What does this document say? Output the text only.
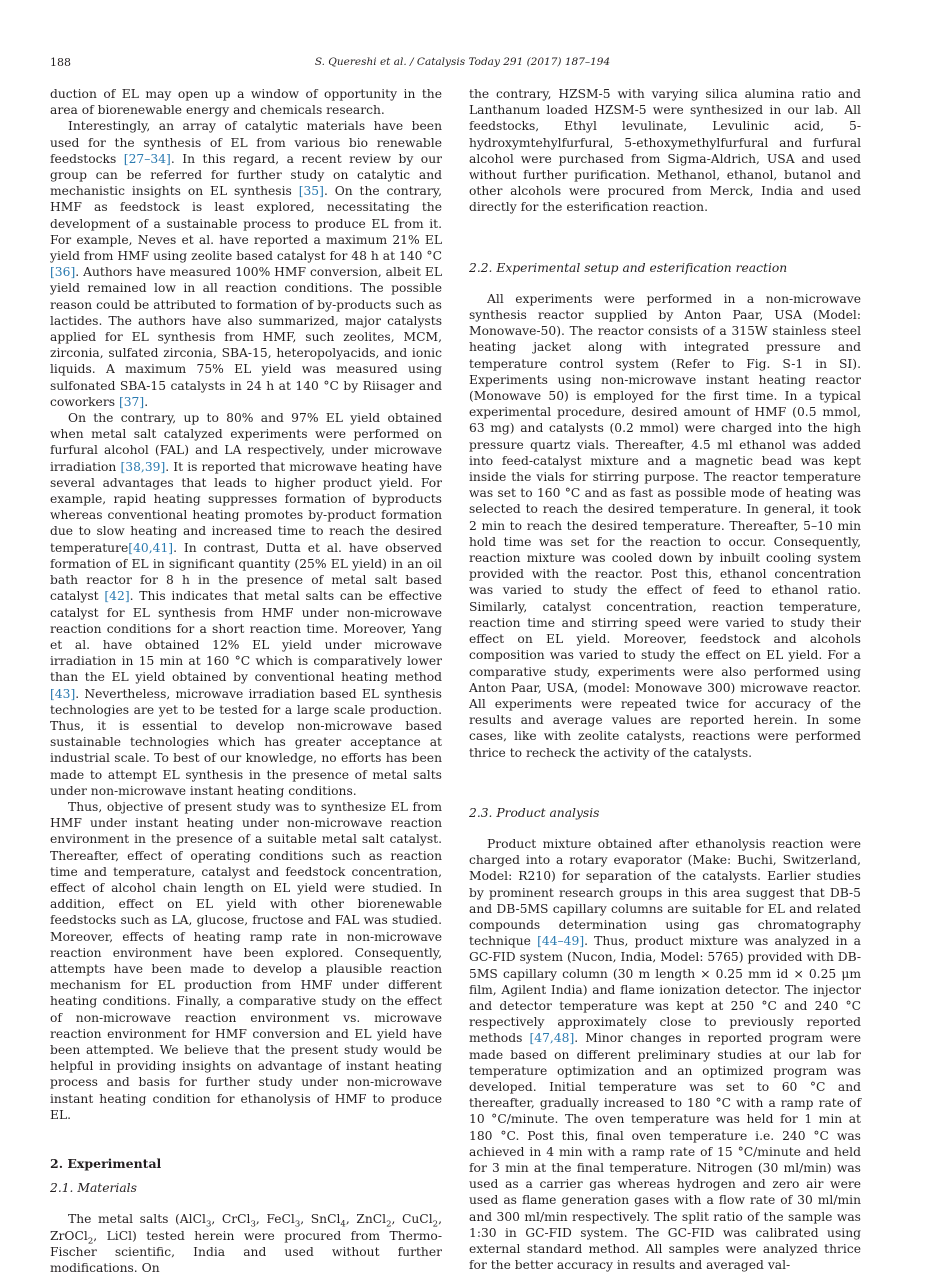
188	S. Quereshi et al. / Catalysis Today 291 (2017) 187–194

duction of EL may open up a window of opportunity in the area of biorenewable energy and chemicals research.

Interestingly, an array of catalytic materials have been used for the synthesis of EL from various bio renewable feedstocks [27–34]. In this regard, a recent review by our group can be referred for further study on catalytic and mechanistic insights on EL synthesis [35]. On the contrary, HMF as feedstock is least explored, necessitating the development of a sustainable process to produce EL from it. For example, Neves et al. have reported a maximum 21% EL yield from HMF using zeolite based catalyst for 48 h at 140 °C [36]. Authors have measured 100% HMF conversion, albeit EL yield remained low in all reaction conditions. The possible reason could be attributed to formation of by-products such as lactides. The authors have also summarized, major catalysts applied for EL synthesis from HMF, such zeolites, MCM, zirconia, sulfated zirconia, SBA-15, heteropolyacids, and ionic liquids. A maximum 75% EL yield was measured using sulfonated SBA-15 catalysts in 24 h at 140 °C by Riisager and coworkers [37].

On the contrary, up to 80% and 97% EL yield obtained when metal salt catalyzed experiments were performed on furfural alcohol (FAL) and LA respectively, under microwave irradiation [38,39]. It is reported that microwave heating have several advantages that leads to higher product yield. For example, rapid heating suppresses formation of byproducts whereas conventional heating promotes by-product formation due to slow heating and increased time to reach the desired temperature[40,41]. In contrast, Dutta et al. have observed formation of EL in significant quantity (25% EL yield) in an oil bath reactor for 8 h in the presence of metal salt based catalyst [42]. This indicates that metal salts can be effective catalyst for EL synthesis from HMF under non-microwave reaction conditions for a short reaction time. Moreover, Yang et al. have obtained 12% EL yield under microwave irradiation in 15 min at 160 °C which is comparatively lower than the EL yield obtained by conventional heating method [43]. Nevertheless, microwave irradiation based EL synthesis technologies are yet to be tested for a large scale production. Thus, it is essential to develop non-microwave based sustainable technologies which has greater acceptance at industrial scale. To best of our knowledge, no efforts has been made to attempt EL synthesis in the presence of metal salts under non-microwave instant heating conditions.

Thus, objective of present study was to synthesize EL from HMF under instant heating under non-microwave reaction environment in the presence of a suitable metal salt catalyst. Thereafter, effect of operating conditions such as reaction time and temperature, catalyst and feedstock concentration, effect of alcohol chain length on EL yield were studied. In addition, effect on EL yield with other biorenewable feedstocks such as LA, glucose, fructose and FAL was studied. Moreover, effects of heating ramp rate in non-microwave reaction environment have been explored. Consequently, attempts have been made to develop a plausible reaction mechanism for EL production from HMF under different heating conditions. Finally, a comparative study on the effect of non-microwave reaction environment vs. microwave reaction environment for HMF conversion and EL yield have been attempted. We believe that the present study would be helpful in providing insights on advantage of instant heating process and basis for further study under non-microwave instant heating condition for ethanolysis of HMF to produce EL.

2. Experimental

2.1. Materials

The metal salts (AlCl$_3$, CrCl$_3$, FeCl$_3$, SnCl$_4$, ZnCl$_2$, CuCl$_2$, ZrOCl$_2$, LiCl) tested herein were procured from Thermo-Fischer scientific, India and used without further modifications. On

the contrary, HZSM-5 with varying silica alumina ratio and Lanthanum loaded HZSM-5 were synthesized in our lab. All feedstocks, Ethyl levulinate, Levulinic acid, 5-hydroxymtehylfurfural, 5-ethoxymethylfurfural and furfural alcohol were purchased from Sigma-Aldrich, USA and used without further purification. Methanol, ethanol, butanol and other alcohols were procured from Merck, India and used directly for the esterification reaction.

2.2. Experimental setup and esterification reaction

All experiments were performed in a non-microwave synthesis reactor supplied by Anton Paar, USA (Model: Monowave-50). The reactor consists of a 315W stainless steel heating jacket along with integrated pressure and temperature control system (Refer to Fig. S-1 in SI). Experiments using non-microwave instant heating reactor (Monowave 50) is employed for the first time. In a typical experimental procedure, desired amount of HMF (0.5 mmol, 63 mg) and catalysts (0.2 mmol) were charged into the high pressure quartz vials. Thereafter, 4.5 ml ethanol was added into feed-catalyst mixture and a magnetic bead was kept inside the vials for stirring purpose. The reactor temperature was set to 160 °C and as fast as possible mode of heating was selected to reach the desired temperature. In general, it took 2 min to reach the desired temperature. Thereafter, 5–10 min hold time was set for the reaction to occur. Consequently, reaction mixture was cooled down by inbuilt cooling system provided with the reactor. Post this, ethanol concentration was varied to study the effect of feed to ethanol ratio. Similarly, catalyst concentration, reaction temperature, reaction time and stirring speed were varied to study their effect on EL yield. Moreover, feedstock and alcohols composition was varied to study the effect on EL yield. For a comparative study, experiments were also performed using Anton Paar, USA, (model: Monowave 300) microwave reactor. All experiments were repeated twice for accuracy of the results and average values are reported herein. In some cases, like with zeolite catalysts, reactions were performed thrice to recheck the activity of the catalysts.

2.3. Product analysis

Product mixture obtained after ethanolysis reaction were charged into a rotary evaporator (Make: Buchi, Switzerland, Model: R210) for separation of the catalysts. Earlier studies by prominent research groups in this area suggest that DB-5 and DB-5MS capillary columns are suitable for EL and related compounds determination using gas chromatography technique [44–49]. Thus, product mixture was analyzed in a GC-FID system (Nucon, India, Model: 5765) provided with DB-5MS capillary column (30 m length × 0.25 mm id × 0.25 μm film, Agilent India) and flame ionization detector. The injector and detector temperature was kept at 250 °C and 240 °C respectively approximately close to previously reported methods [47,48]. Minor changes in reported program were made based on different preliminary studies at our lab for temperature optimization and an optimized program was developed. Initial temperature was set to 60 °C and thereafter, gradually increased to 180 °C with a ramp rate of 10 °C/minute. The oven temperature was held for 1 min at 180 °C. Post this, final oven temperature i.e. 240 °C was achieved in 4 min with a ramp rate of 15 °C/minute and held for 3 min at the final temperature. Nitrogen (30 ml/min) was used as a carrier gas whereas hydrogen and zero air were used as flame generation gases with a flow rate of 30 ml/min and 300 ml/min respectively. The split ratio of the sample was 1:30 in GC-FID system. The GC-FID was calibrated using external standard method. All samples were analyzed thrice for the better accuracy in results and averaged val-
